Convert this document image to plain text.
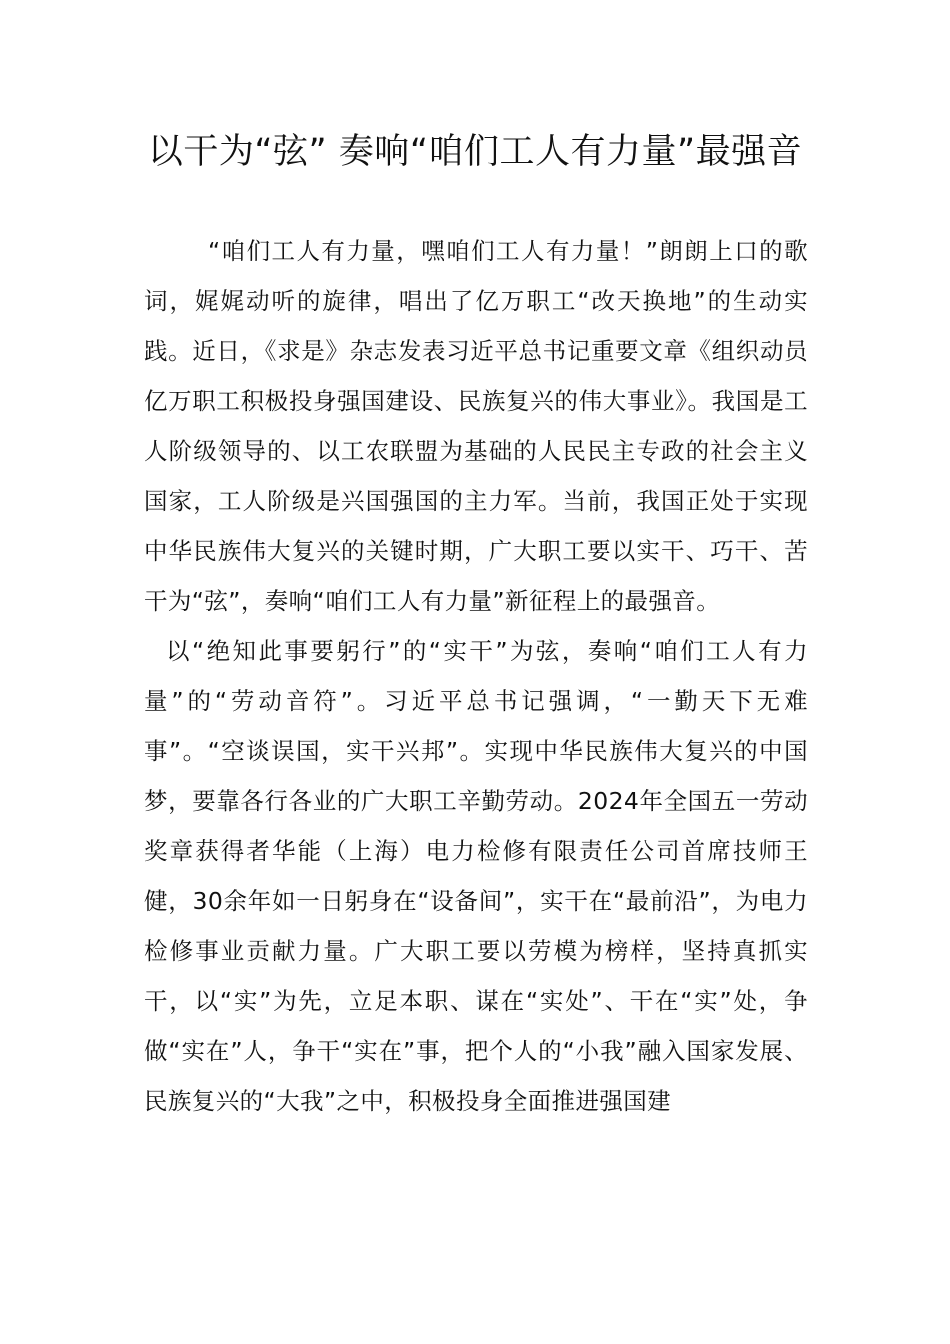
以干为“弦” 奏响“咱们工人有力量”最强音

“咱们工人有力量，嘿咱们工人有力量！”朗朗上口的歌词，娓娓动听的旋律，唱出了亿万职工“改天换地”的生动实践。近日，《求是》杂志发表习近平总书记重要文章《组织动员亿万职工积极投身强国建设、民族复兴的伟大事业》。我国是工人阶级领导的、以工农联盟为基础的人民民主专政的社会主义国家，工人阶级是兴国强国的主力军。当前，我国正处于实现中华民族伟大复兴的关键时期，广大职工要以实干、巧干、苦干为“弦”，奏响“咱们工人有力量”新征程上的最强音。

以“绝知此事要躬行”的“实干”为弦，奏响“咱们工人有力量”的“劳动音符”。习近平总书记强调，“一勤天下无难事”。“空谈误国，实干兴邦”。实现中华民族伟大复兴的中国梦，要靠各行各业的广大职工辛勤劳动。2024年全国五一劳动奖章获得者华能（上海）电力检修有限责任公司首席技师王健，30余年如一日躬身在“设备间”，实干在“最前沿”，为电力检修事业贡献力量。广大职工要以劳模为榜样，坚持真抓实干，以“实”为先，立足本职、谋在“实处”、干在“实”处，争做“实在”人，争干“实在”事，把个人的“小我”融入国家发展、民族复兴的“大我”之中，积极投身全面推进强国建
